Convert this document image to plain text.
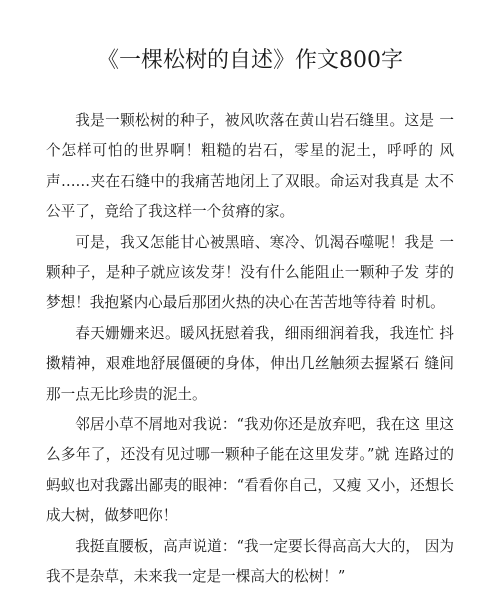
《一棵松树的自述》作文800字

我是一颗松树的种子，被风吹落在黄山岩石缝里。这是 一个怎样可怕的世界啊！粗糙的岩石，零星的泥土，呼呼的 风声……夹在石缝中的我痛苦地闭上了双眼。命运对我真是 太不公平了，竟给了我这样一个贫瘠的家。

可是，我又怎能甘心被黑暗、寒冷、饥渴吞噬呢！我是 一颗种子，是种子就应该发芽！没有什么能阻止一颗种子发 芽的梦想！我抱紧内心最后那团火热的决心在苦苦地等待着 时机。

春天姗姗来迟。暖风抚慰着我，细雨细润着我，我连忙 抖擞精神，艰难地舒展僵硬的身体，伸出几丝触须去握紧石 缝间那一点无比珍贵的泥土。

邻居小草不屑地对我说：“我劝你还是放弃吧，我在这 里这么多年了，还没有见过哪一颗种子能在这里发芽。”就 连路过的蚂蚁也对我露出鄙夷的眼神：“看看你自己，又瘦 又小，还想长成大树，做梦吧你！

我挺直腰板，高声说道：“我一定要长得高高大大的， 因为我不是杂草，未来我一定是一棵高大的松树！”
